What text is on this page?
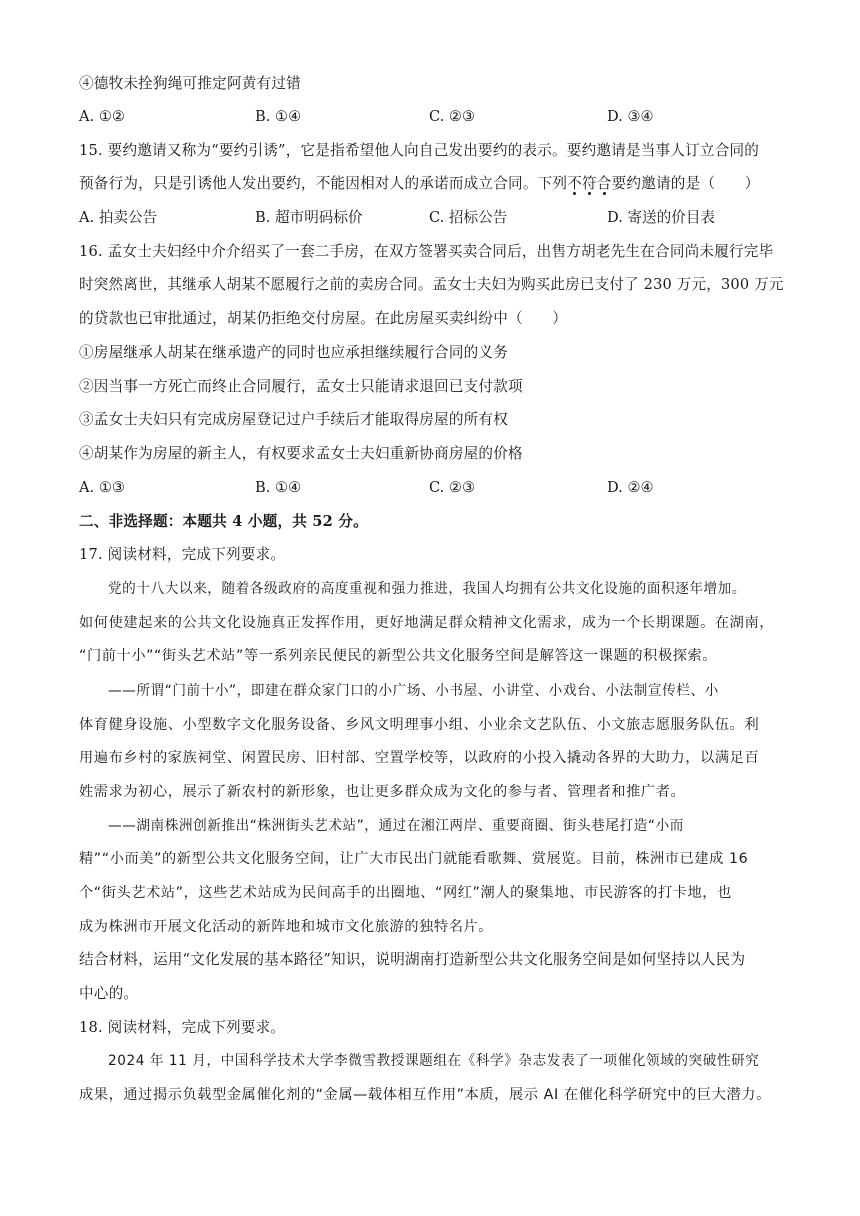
④德牧未拴狗绳可推定阿黄有过错
A. ①②	B. ①④	C. ②③	D. ③④
15. 要约邀请又称为“要约引诱”，它是指希望他人向自己发出要约的表示。要约邀请是当事人订立合同的
预备行为，只是引诱他人发出要约，不能因相对人的承诺而成立合同。下列不符合要约邀请的是（　　）
A. 拍卖公告	B. 超市明码标价	C. 招标公告	D. 寄送的价目表
16. 孟女士夫妇经中介介绍买了一套二手房，在双方签署买卖合同后，出售方胡老先生在合同尚未履行完毕
时突然离世，其继承人胡某不愿履行之前的卖房合同。孟女士夫妇为购买此房已支付了 230 万元，300 万元
的贷款也已审批通过，胡某仍拒绝交付房屋。在此房屋买卖纠纷中（　　）
①房屋继承人胡某在继承遗产的同时也应承担继续履行合同的义务
②因当事一方死亡而终止合同履行，孟女士只能请求退回已支付款项
③孟女士夫妇只有完成房屋登记过户手续后才能取得房屋的所有权
④胡某作为房屋的新主人，有权要求孟女士夫妇重新协商房屋的价格
A. ①③	B. ①④	C. ②③	D. ②④
二、非选择题：本题共 4 小题，共 52 分。
17. 阅读材料，完成下列要求。
党的十八大以来，随着各级政府的高度重视和强力推进，我国人均拥有公共文化设施的面积逐年增加。
如何使建起来的公共文化设施真正发挥作用，更好地满足群众精神文化需求，成为一个长期课题。在湖南，
“门前十小”“街头艺术站”等一系列亲民便民的新型公共文化服务空间是解答这一课题的积极探索。
——所谓“门前十小”，即建在群众家门口的小广场、小书屋、小讲堂、小戏台、小法制宣传栏、小
体育健身设施、小型数字文化服务设备、乡风文明理事小组、小业余文艺队伍、小文旅志愿服务队伍。利
用遍布乡村的家族祠堂、闲置民房、旧村部、空置学校等，以政府的小投入撬动各界的大助力，以满足百
姓需求为初心，展示了新农村的新形象，也让更多群众成为文化的参与者、管理者和推广者。
——湖南株洲创新推出“株洲街头艺术站”，通过在湘江两岸、重要商圈、街头巷尾打造“小而
精”“小而美”的新型公共文化服务空间，让广大市民出门就能看歌舞、赏展览。目前，株洲市已建成 16
个“街头艺术站”，这些艺术站成为民间高手的出圈地、“网红”潮人的聚集地、市民游客的打卡地，也
成为株洲市开展文化活动的新阵地和城市文化旅游的独特名片。
结合材料，运用“文化发展的基本路径”知识，说明湖南打造新型公共文化服务空间是如何坚持以人民为
中心的。
18. 阅读材料，完成下列要求。
2024 年 11 月，中国科学技术大学李微雪教授课题组在《科学》杂志发表了一项催化领域的突破性研究
成果，通过揭示负载型金属催化剂的“金属—载体相互作用”本质，展示 AI 在催化科学研究中的巨大潜力。
